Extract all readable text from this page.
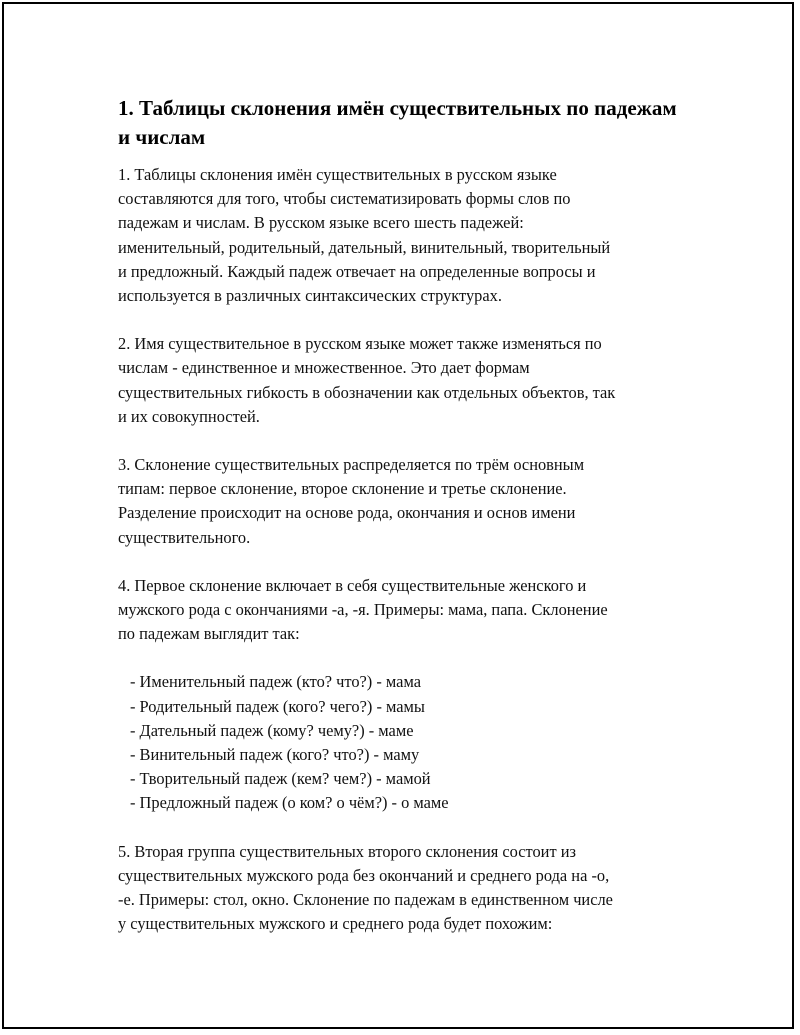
1. Таблицы склонения имён существительных по падежам
и числам

1. Таблицы склонения имён существительных в русском языке
составляются для того, чтобы систематизировать формы слов по
падежам и числам. В русском языке всего шесть падежей:
именительный, родительный, дательный, винительный, творительный
и предложный. Каждый падеж отвечает на определенные вопросы и
используется в различных синтаксических структурах.

2. Имя существительное в русском языке может также изменяться по
числам - единственное и множественное. Это дает формам
существительных гибкость в обозначении как отдельных объектов, так
и их совокупностей.

3. Склонение существительных распределяется по трём основным
типам: первое склонение, второе склонение и третье склонение.
Разделение происходит на основе рода, окончания и основ имени
существительного.

4. Первое склонение включает в себя существительные женского и
мужского рода с окончаниями -а, -я. Примеры: мама, папа. Склонение
по падежам выглядит так:

- Именительный падеж (кто? что?) - мама
- Родительный падеж (кого? чего?) - мамы
- Дательный падеж (кому? чему?) - маме
- Винительный падеж (кого? что?) - маму
- Творительный падеж (кем? чем?) - мамой
- Предложный падеж (о ком? о чём?) - о маме

5. Вторая группа существительных второго склонения состоит из
существительных мужского рода без окончаний и среднего рода на -о,
-е. Примеры: стол, окно. Склонение по падежам в единственном числе
у существительных мужского и среднего рода будет похожим:
